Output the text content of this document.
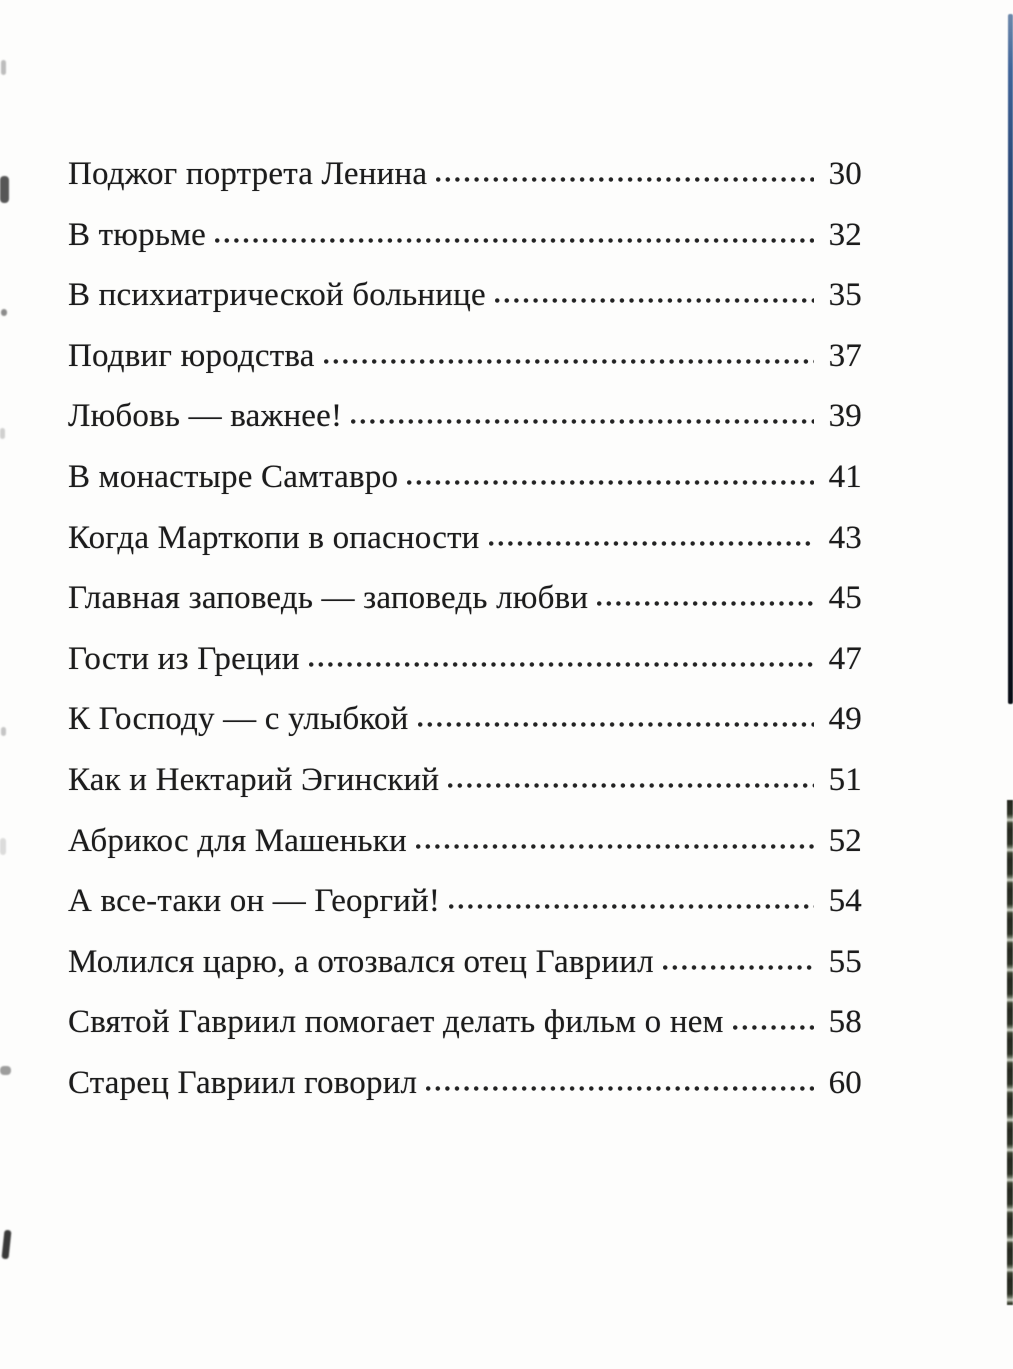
Поджог портрета Ленина	30
В тюрьме	32
В психиатрической больнице	35
Подвиг юродства	37
Любовь — важнее!	39
В монастыре Самтавро	41
Когда Марткопи в опасности	43
Главная заповедь — заповедь любви	45
Гости из Греции	47
К Господу — с улыбкой	49
Как и Нектарий Эгинский	51
Абрикос для Машеньки	52
А все-таки он — Георгий!	54
Молился царю, а отозвался отец Гавриил	55
Святой Гавриил помогает делать фильм о нем	58
Старец Гавриил говорил	60
